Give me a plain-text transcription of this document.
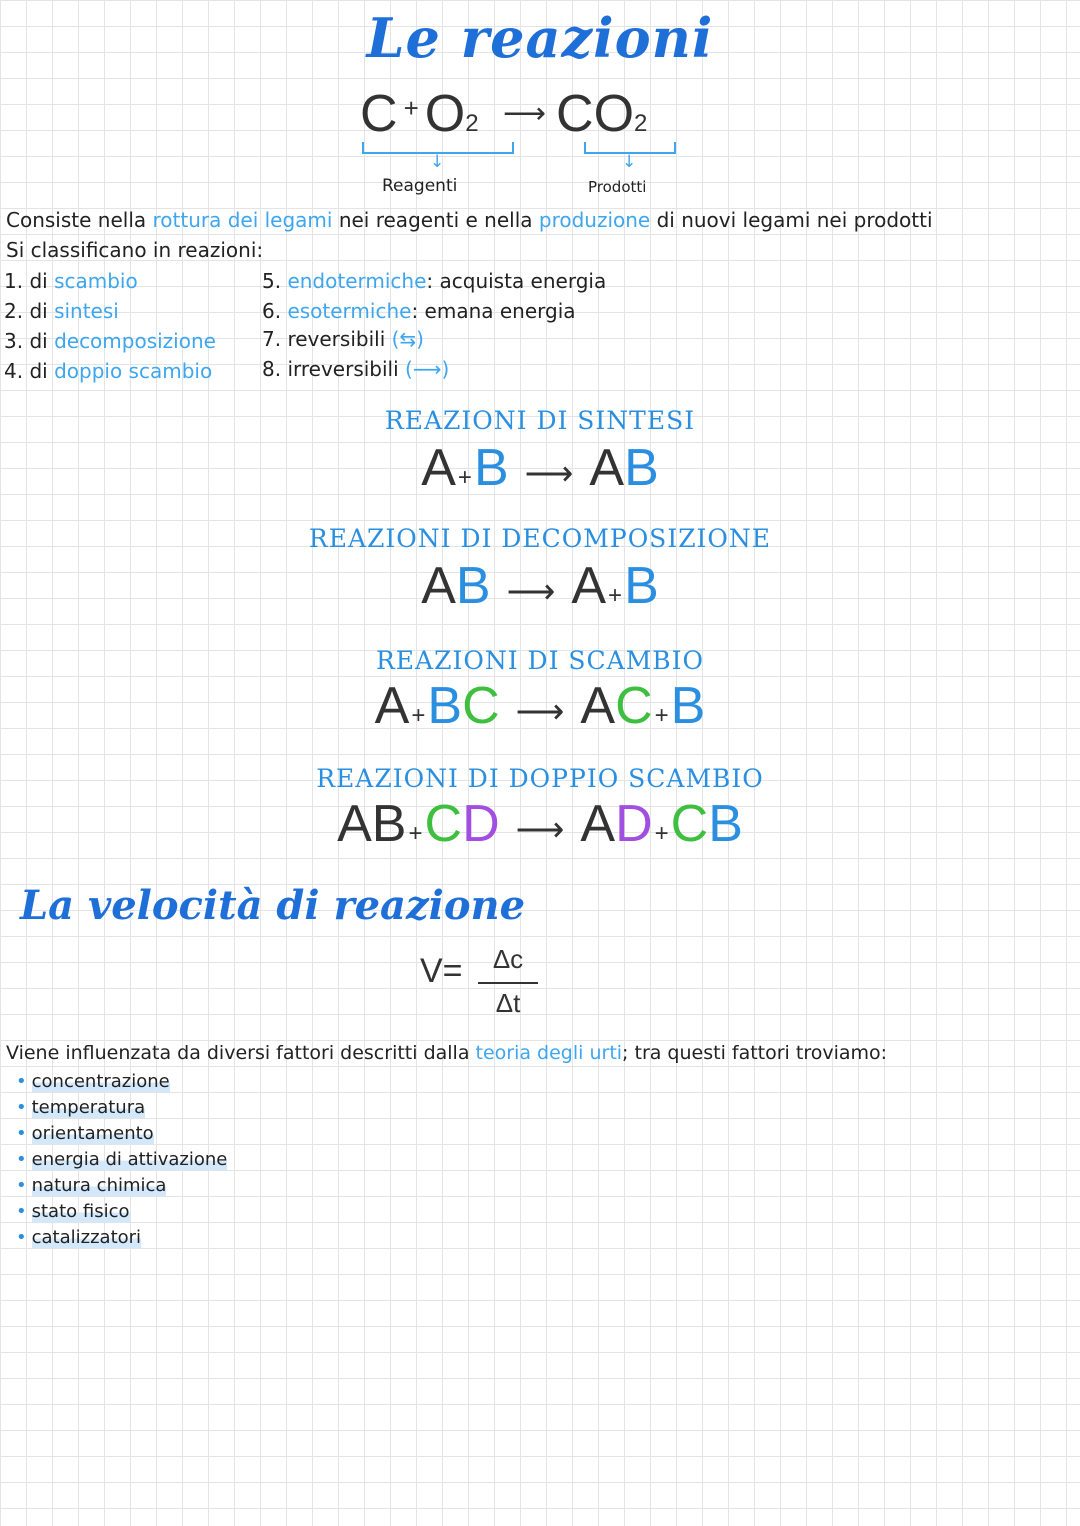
Le reazioni
C + O2 ⟶ CO2
↓	↓
Reagenti	Prodotti
Consiste nella rottura dei legami nei reagenti e nella produzione di nuovi legami nei prodotti
Si classificano in reazioni:
1. di scambio
2. di sintesi
3. di decomposizione
4. di doppio scambio
5. endotermiche: acquista energia
6. esotermiche: emana energia
7. reversibili (⇆)
8. irreversibili (⟶)
REAZIONI DI SINTESI
A+B ⟶ AB
REAZIONI DI DECOMPOSIZIONE
AB ⟶ A+B
REAZIONI DI SCAMBIO
A+BC ⟶ AC+B
REAZIONI DI DOPPIO SCAMBIO
AB+CD ⟶ AD+CB
La velocità di reazione
V=	Δc
Δt
Viene influenzata da diversi fattori descritti dalla teoria degli urti; tra questi fattori troviamo:
• concentrazione
• temperatura
• orientamento
• energia di attivazione
• natura chimica
• stato fisico
• catalizzatori
